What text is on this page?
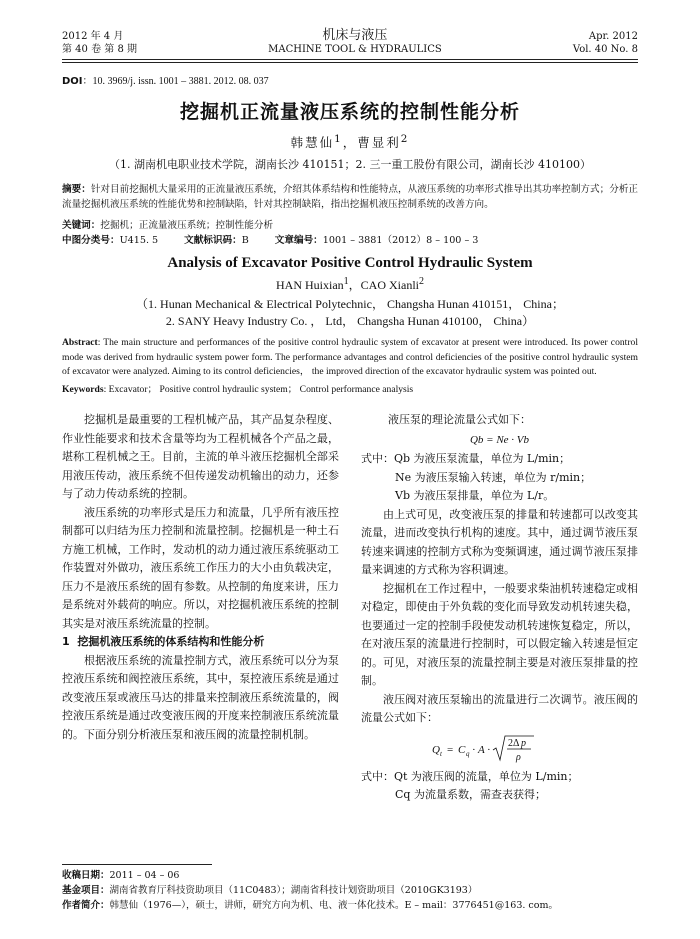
2012 年 4 月
第 40 卷 第 8 期
机床与液压
MACHINE TOOL & HYDRAULICS
Apr. 2012
Vol. 40 No. 8
DOI：10. 3969/j. issn. 1001 – 3881. 2012. 08. 037
挖掘机正流量液压系统的控制性能分析
韩慧仙$^1$，曹显利$^2$
（1. 湖南机电职业技术学院，湖南长沙 410151；2. 三一重工股份有限公司，湖南长沙 410100）
摘要：针对目前挖掘机大量采用的正流量液压系统，介绍其体系结构和性能特点，从液压系统的功率形式推导出其功率控制方式；分析正流量挖掘机液压系统的性能优势和控制缺陷，针对其控制缺陷，指出挖掘机液压控制系统的改善方向。
关键词：挖掘机；正流量液压系统；控制性能分析
中图分类号：U415. 5	文献标识码：B	文章编号：1001 – 3881（2012）8 – 100 – 3
Analysis of Excavator Positive Control Hydraulic System
HAN Huixian$^1$，CAO Xianli$^2$
（1. Hunan Mechanical & Electrical Polytechnic， Changsha Hunan 410151， China；
2. SANY Heavy Industry Co. ， Ltd， Changsha Hunan 410100， China）
Abstract: The main structure and performances of the positive control hydraulic system of excavator at present were introduced. Its power control mode was derived from hydraulic system power form. The performance advantages and control deficiencies of the positive control hydraulic system of excavator were analyzed. Aiming to its control deficiencies， the improved direction of the excavator hydraulic system was pointed out.
Keywords: Excavator； Positive control hydraulic system； Control performance analysis

挖掘机是最重要的工程机械产品，其产品复杂程度、作业性能要求和技术含量等均为工程机械各个产品之最，堪称工程机械之王。目前，主流的单斗液压挖掘机全部采用液压传动，液压系统不但传递发动机输出的动力，还参与了动力传动系统的控制。

液压系统的功率形式是压力和流量，几乎所有液压控制都可以归结为压力控制和流量控制。挖掘机是一种土石方施工机械，工作时，发动机的动力通过液压系统驱动工作装置对外做功，液压系统工作压力的大小由负载决定，压力不是液压系统的固有参数。从控制的角度来讲，压力是系统对外载荷的响应。所以，对挖掘机液压系统的控制其实是对液压系统流量的控制。

1 挖掘机液压系统的体系结构和性能分析

根据液压系统的流量控制方式，液压系统可以分为泵控液压系统和阀控液压系统，其中，泵控液压系统是通过改变液压泵或液压马达的排量来控制液压系统流量的，阀控液压系统是通过改变液压阀的开度来控制液压系统流量的。下面分别分析液压泵和液压阀的流量控制机制。

液压泵的理论流量公式如下：
Qb = Ne · Vb
式中：Qb 为液压泵流量，单位为 L/min；
Ne 为液压泵输入转速，单位为 r/min；
Vb 为液压泵排量，单位为 L/r。

由上式可见，改变液压泵的排量和转速都可以改变其流量，进而改变执行机构的速度。其中，通过调节液压泵转速来调速的控制方式称为变频调速，通过调节液压泵排量来调速的方式称为容积调速。

挖掘机在工作过程中，一般要求柴油机转速稳定或相对稳定，即使由于外负载的变化而导致发动机转速失稳，也要通过一定的控制手段使发动机转速恢复稳定，所以，在对液压泵的流量进行控制时，可以假定输入转速是恒定的。可见，对液压泵的流量控制主要是对液压泵排量的控制。

液压阀对液压泵输出的流量进行二次调节。液压阀的流量公式如下：

Q t = C q · A ·
2Δ p
ρ
式中：Qt 为液压阀的流量，单位为 L/min；
Cq 为流量系数，需查表获得；
收稿日期：2011 – 04 – 06
基金项目：湖南省教育厅科技资助项目（11C0483）；湖南省科技计划资助项目（2010GK3193）
作者简介：韩慧仙（1976—），硕士，讲师，研究方向为机、电、液一体化技术。E – mail：3776451@163. com。
